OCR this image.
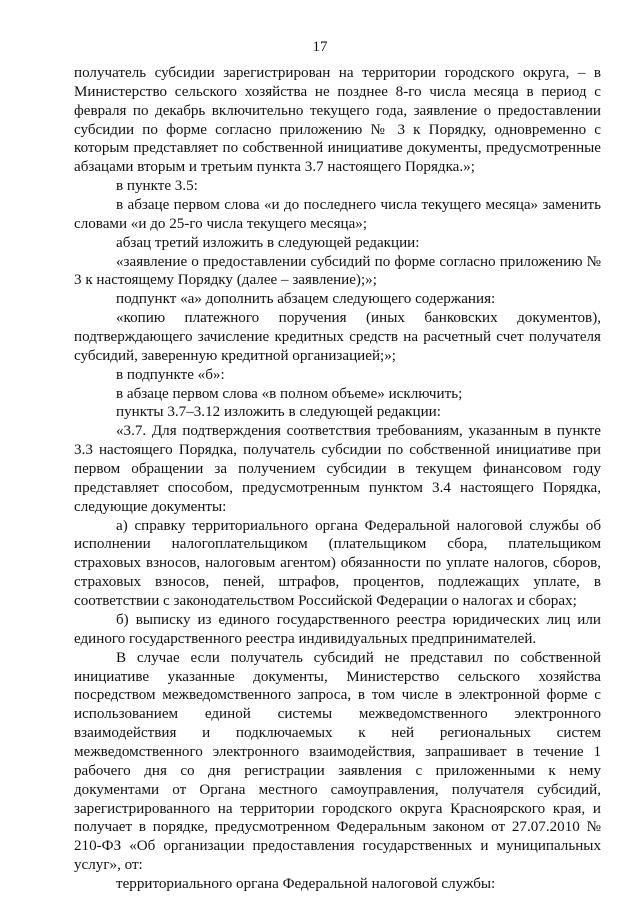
17

получатель субсидии зарегистрирован на территории городского округа, – в Министерство сельского хозяйства не позднее 8-го числа месяца в период с февраля по декабрь включительно текущего года, заявление о предоставлении субсидии по форме согласно приложению № 3 к Порядку, одновременно с которым представляет по собственной инициативе документы, предусмотренные абзацами вторым и третьим пункта 3.7 настоящего Порядка.»;

в пункте 3.5:

в абзаце первом слова «и до последнего числа текущего месяца» заменить словами «и до 25-го числа текущего месяца»;

абзац третий изложить в следующей редакции:

«заявление о предоставлении субсидий по форме согласно приложению № 3 к настоящему Порядку (далее – заявление);»;

подпункт «а» дополнить абзацем следующего содержания:

«копию платежного поручения (иных банковских документов), подтверждающего зачисление кредитных средств на расчетный счет получателя субсидий, заверенную кредитной организацией;»;

в подпункте «б»:

в абзаце первом слова «в полном объеме» исключить;

пункты 3.7–3.12 изложить в следующей редакции:

«3.7. Для подтверждения соответствия требованиям, указанным в пункте 3.3 настоящего Порядка, получатель субсидии по собственной инициативе при первом обращении за получением субсидии в текущем финансовом году представляет способом, предусмотренным пунктом 3.4 настоящего Порядка, следующие документы:

а) справку территориального органа Федеральной налоговой службы об исполнении налогоплательщиком (плательщиком сбора, плательщиком страховых взносов, налоговым агентом) обязанности по уплате налогов, сборов, страховых взносов, пеней, штрафов, процентов, подлежащих уплате, в соответствии с законодательством Российской Федерации о налогах и сборах;

б) выписку из единого государственного реестра юридических лиц или единого государственного реестра индивидуальных предпринимателей.

В случае если получатель субсидий не представил по собственной инициативе указанные документы, Министерство сельского хозяйства посредством межведомственного запроса, в том числе в электронной форме с использованием единой системы межведомственного электронного взаимодействия и подключаемых к ней региональных систем межведомственного электронного взаимодействия, запрашивает в течение 1 рабочего дня со дня регистрации заявления с приложенными к нему документами от Органа местного самоуправления, получателя субсидий, зарегистрированного на территории городского округа Красноярского края, и получает в порядке, предусмотренном Федеральным законом от 27.07.2010 № 210-ФЗ «Об организации предоставления государственных и муниципальных услуг», от:

территориального органа Федеральной налоговой службы:
